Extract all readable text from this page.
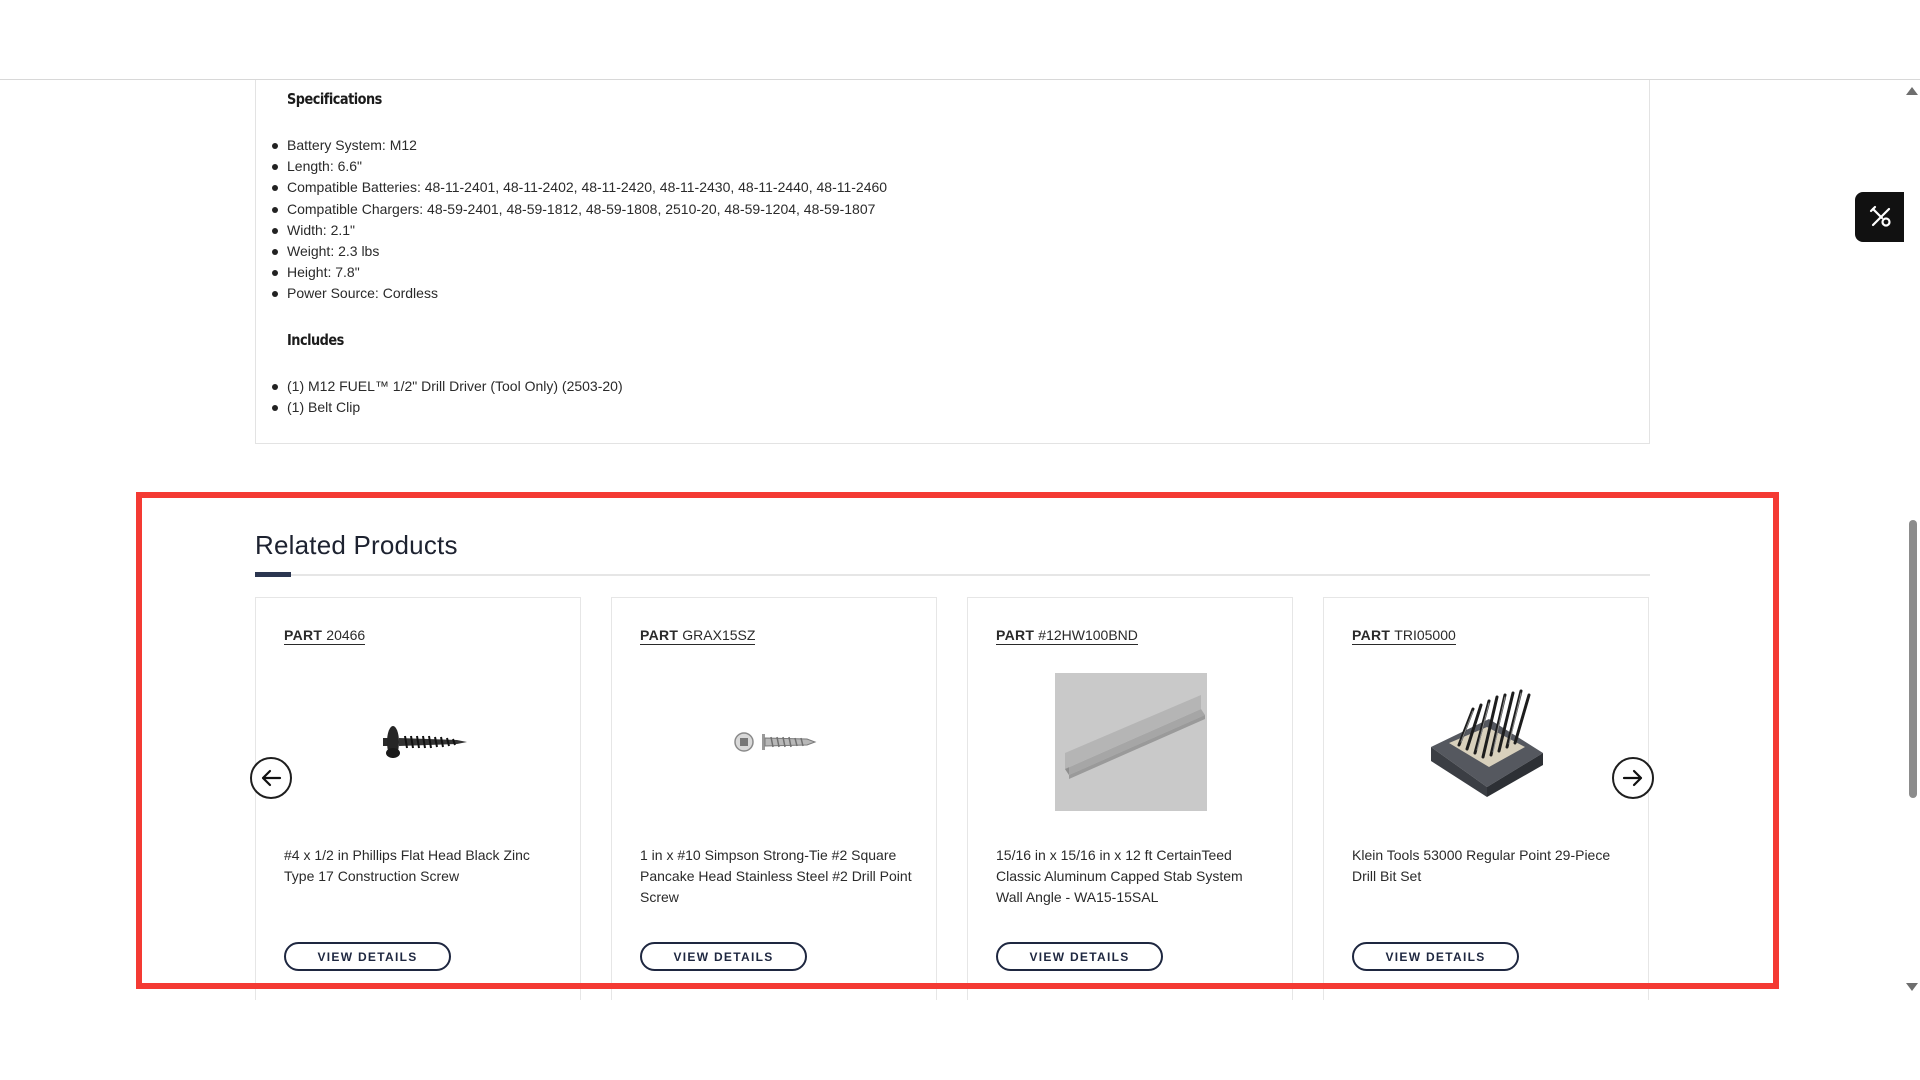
Specifications
Battery System: M12
Length: 6.6"
Compatible Batteries: 48-11-2401, 48-11-2402, 48-11-2420, 48-11-2430, 48-11-2440, 48-11-2460
Compatible Chargers: 48-59-2401, 48-59-1812, 48-59-1808, 2510-20, 48-59-1204, 48-59-1807
Width: 2.1"
Weight: 2.3 lbs
Height: 7.8"
Power Source: Cordless
Includes
(1) M12 FUEL™ 1/2" Drill Driver (Tool Only) (2503-20)
(1) Belt Clip
Related Products
PART 20466
#4 x 1/2 in Phillips Flat Head Black Zinc Type 17 Construction Screw
VIEW DETAILS
PART GRAX15SZ
1 in x #10 Simpson Strong-Tie #2 Square Pancake Head Stainless Steel #2 Drill Point Screw
VIEW DETAILS
PART #12HW100BND
15/16 in x 15/16 in x 12 ft CertainTeed Classic Aluminum Capped Stab System Wall Angle - WA15-15SAL
VIEW DETAILS
PART TRI05000
Klein Tools 53000 Regular Point 29-Piece Drill Bit Set
VIEW DETAILS
